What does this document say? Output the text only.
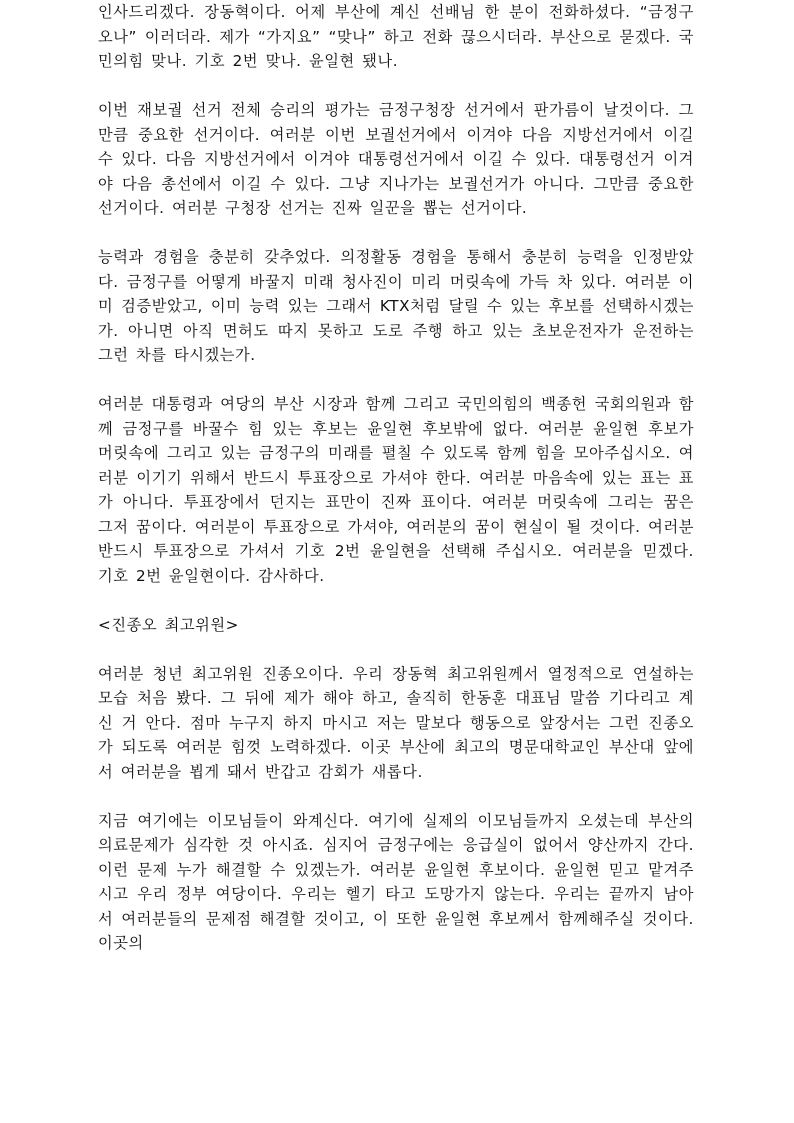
인사드리겠다. 장동혁이다. 어제 부산에 계신 선배님 한 분이 전화하셨다. “금정구 오나” 이러더라. 제가 “가지요” “맞나” 하고 전화 끊으시더라. 부산으로 묻겠다. 국민의힘 맞나. 기호 2번 맞나. 윤일현 됐나.

이번 재보궐 선거 전체 승리의 평가는 금정구청장 선거에서 판가름이 날것이다. 그만큼 중요한 선거이다. 여러분 이번 보궐선거에서 이겨야 다음 지방선거에서 이길 수 있다. 다음 지방선거에서 이겨야 대통령선거에서 이길 수 있다. 대통령선거 이겨야 다음 총선에서 이길 수 있다. 그냥 지나가는 보궐선거가 아니다. 그만큼 중요한 선거이다. 여러분 구청장 선거는 진짜 일꾼을 뽑는 선거이다.

능력과 경험을 충분히 갖추었다. 의정활동 경험을 통해서 충분히 능력을 인정받았다. 금정구를 어떻게 바꿀지 미래 청사진이 미리 머릿속에 가득 차 있다. 여러분 이미 검증받았고, 이미 능력 있는 그래서 KTX처럼 달릴 수 있는 후보를 선택하시겠는가. 아니면 아직 면허도 따지 못하고 도로 주행 하고 있는 초보운전자가 운전하는 그런 차를 타시겠는가.

여러분 대통령과 여당의 부산 시장과 함께 그리고 국민의힘의 백종헌 국회의원과 함께 금정구를 바꿀수 힘 있는 후보는 윤일현 후보밖에 없다. 여러분 윤일현 후보가 머릿속에 그리고 있는 금정구의 미래를 펼칠 수 있도록 함께 힘을 모아주십시오. 여러분 이기기 위해서 반드시 투표장으로 가셔야 한다. 여러분 마음속에 있는 표는 표가 아니다. 투표장에서 던지는 표만이 진짜 표이다. 여러분 머릿속에 그리는 꿈은 그저 꿈이다. 여러분이 투표장으로 가셔야, 여러분의 꿈이 현실이 될 것이다. 여러분 반드시 투표장으로 가셔서 기호 2번 윤일현을 선택해 주십시오. 여러분을 믿겠다. 기호 2번 윤일현이다. 감사하다.

<진종오 최고위원>

여러분 청년 최고위원 진종오이다. 우리 장동혁 최고위원께서 열정적으로 연설하는 모습 처음 봤다. 그 뒤에 제가 해야 하고, 솔직히 한동훈 대표님 말씀 기다리고 계신 거 안다. 점마 누구지 하지 마시고 저는 말보다 행동으로 앞장서는 그런 진종오가 되도록 여러분 힘껏 노력하겠다. 이곳 부산에 최고의 명문대학교인 부산대 앞에서 여러분을 뵙게 돼서 반갑고 감회가 새롭다.

지금 여기에는 이모님들이 와계신다. 여기에 실제의 이모님들까지 오셨는데 부산의 의료문제가 심각한 것 아시죠. 심지어 금정구에는 응급실이 없어서 양산까지 간다. 이런 문제 누가 해결할 수 있겠는가. 여러분 윤일현 후보이다. 윤일현 믿고 맡겨주시고 우리 정부 여당이다. 우리는 헬기 타고 도망가지 않는다. 우리는 끝까지 남아서 여러분들의 문제점 해결할 것이고, 이 또한 윤일현 후보께서 함께해주실 것이다. 이곳의
